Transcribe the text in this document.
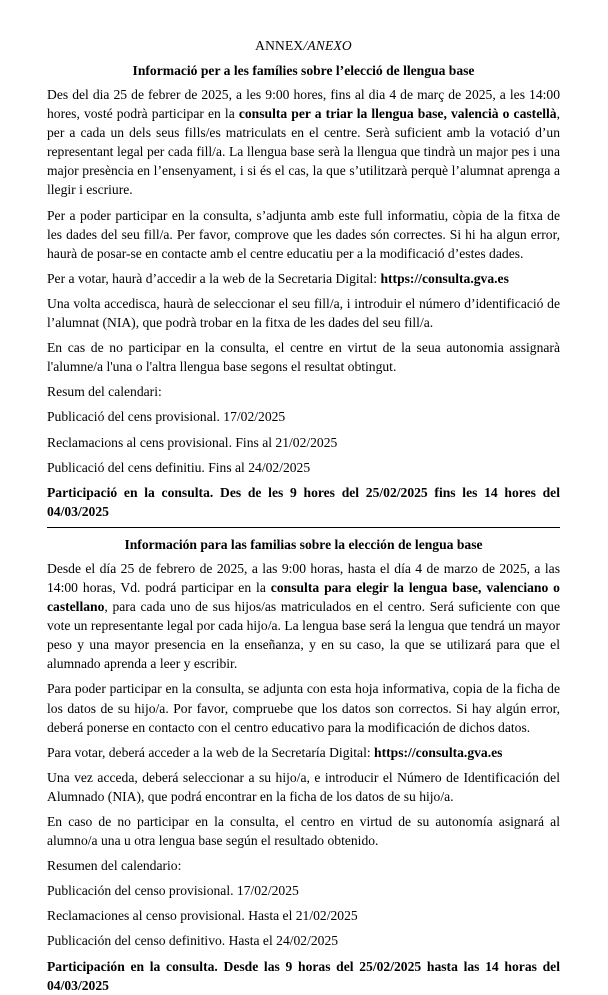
ANNEX/ANEXO
Informació per a les famílies sobre l’elecció de llengua base

Des del dia 25 de febrer de 2025, a les 9:00 hores, fins al dia 4 de març de 2025, a les 14:00 hores, vosté podrà participar en la consulta per a triar la llengua base, valencià o castellà, per a cada un dels seus fills/es matriculats en el centre. Serà suficient amb la votació d’un representant legal per cada fill/a. La llengua base serà la llengua que tindrà un major pes i una major presència en l’ensenyament, i si és el cas, la que s’utilitzarà perquè l’alumnat aprenga a llegir i escriure.

Per a poder participar en la consulta, s’adjunta amb este full informatiu, còpia de la fitxa de les dades del seu fill/a. Per favor, comprove que les dades són correctes. Si hi ha algun error, haurà de posar-se en contacte amb el centre educatiu per a la modificació d’estes dades.

Per a votar, haurà d’accedir a la web de la Secretaria Digital: https://consulta.gva.es

Una volta accedisca, haurà de seleccionar el seu fill/a, i introduir el número d’identificació de l’alumnat (NIA), que podrà trobar en la fitxa de les dades del seu fill/a.

En cas de no participar en la consulta, el centre en virtut de la seua autonomia assignarà l'alumne/a l'una o l'altra llengua base segons el resultat obtingut.

Resum del calendari:

Publicació del cens provisional. 17/02/2025

Reclamacions al cens provisional. Fins al 21/02/2025

Publicació del cens definitiu. Fins al 24/02/2025

Participació en la consulta. Des de les 9 hores del 25/02/2025 fins les 14 hores del 04/03/2025

Información para las familias sobre la elección de lengua base

Desde el día 25 de febrero de 2025, a las 9:00 horas, hasta el día 4 de marzo de 2025, a las 14:00 horas, Vd. podrá participar en la consulta para elegir la lengua base, valenciano o castellano, para cada uno de sus hijos/as matriculados en el centro. Será suficiente con que vote un representante legal por cada hijo/a. La lengua base será la lengua que tendrá un mayor peso y una mayor presencia en la enseñanza, y en su caso, la que se utilizará para que el alumnado aprenda a leer y escribir.

Para poder participar en la consulta, se adjunta con esta hoja informativa, copia de la ficha de los datos de su hijo/a. Por favor, compruebe que los datos son correctos. Si hay algún error, deberá ponerse en contacto con el centro educativo para la modificación de dichos datos.

Para votar, deberá acceder a la web de la Secretaría Digital: https://consulta.gva.es

Una vez acceda, deberá seleccionar a su hijo/a, e introducir el Número de Identificación del Alumnado (NIA), que podrá encontrar en la ficha de los datos de su hijo/a.

En caso de no participar en la consulta, el centro en virtud de su autonomía asignará al alumno/a una u otra lengua base según el resultado obtenido.

Resumen del calendario:

Publicación del censo provisional. 17/02/2025

Reclamaciones al censo provisional. Hasta el 21/02/2025

Publicación del censo definitivo. Hasta el 24/02/2025

Participación en la consulta. Desde las 9 horas del 25/02/2025 hasta las 14 horas del 04/03/2025
